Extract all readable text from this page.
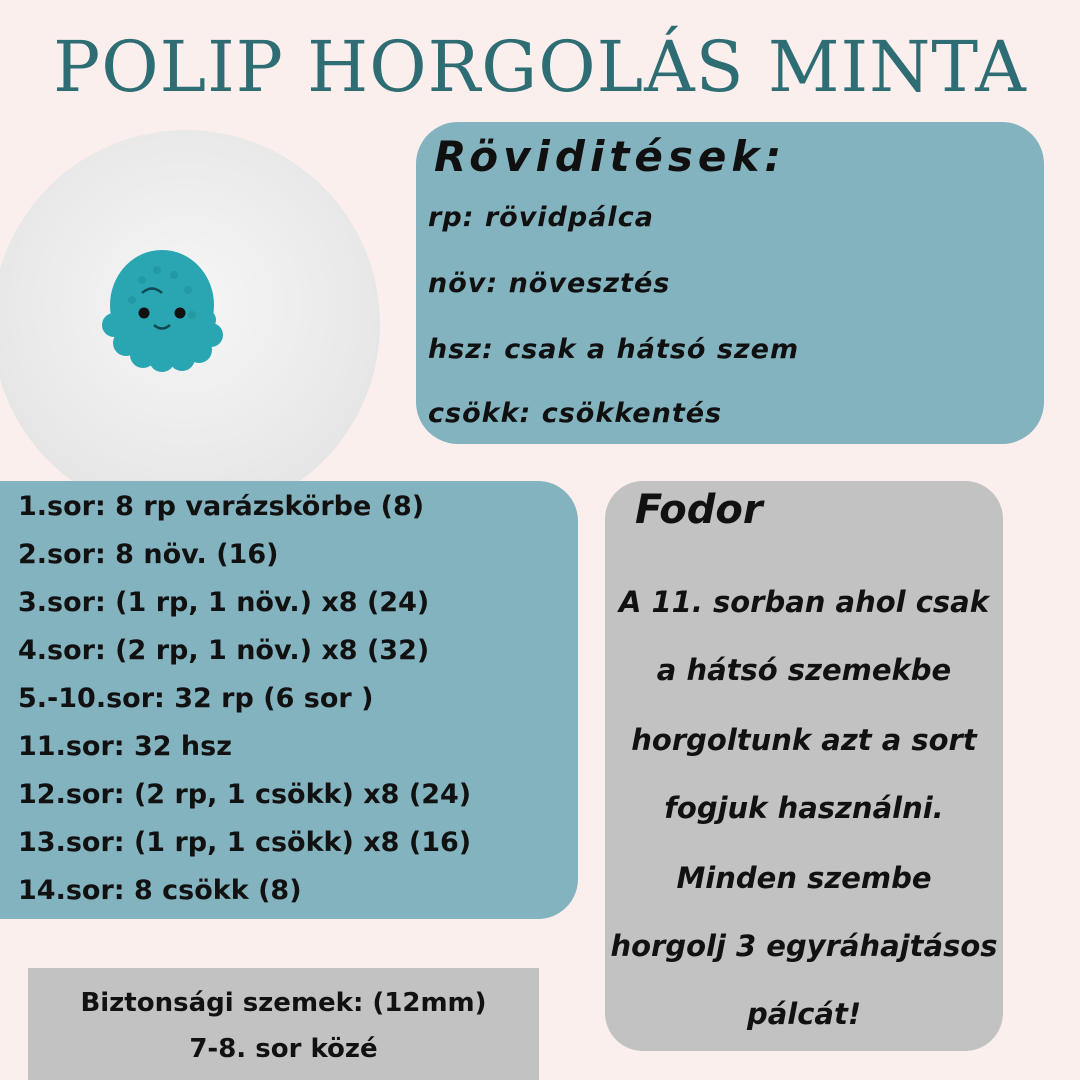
POLIP HORGOLÁS MINTA
Röviditések:
rp: rövidpálca
növ: növesztés
hsz: csak a hátsó szem
csökk: csökkentés
1.sor: 8 rp varázskörbe (8)
2.sor: 8 növ. (16)
3.sor: (1 rp, 1 növ.) x8 (24)
4.sor: (2 rp, 1 növ.) x8 (32)
5.-10.sor: 32 rp (6 sor )
11.sor: 32 hsz
12.sor: (2 rp, 1 csökk) x8 (24)
13.sor: (1 rp, 1 csökk) x8 (16)
14.sor: 8 csökk (8)
Fodor
A 11. sorban ahol csak
a hátsó szemekbe
horgoltunk azt a sort
fogjuk használni.
Minden szembe
horgolj 3 egyráhajtásos
pálcát!
Biztonsági szemek: (12mm)
7-8. sor közé
